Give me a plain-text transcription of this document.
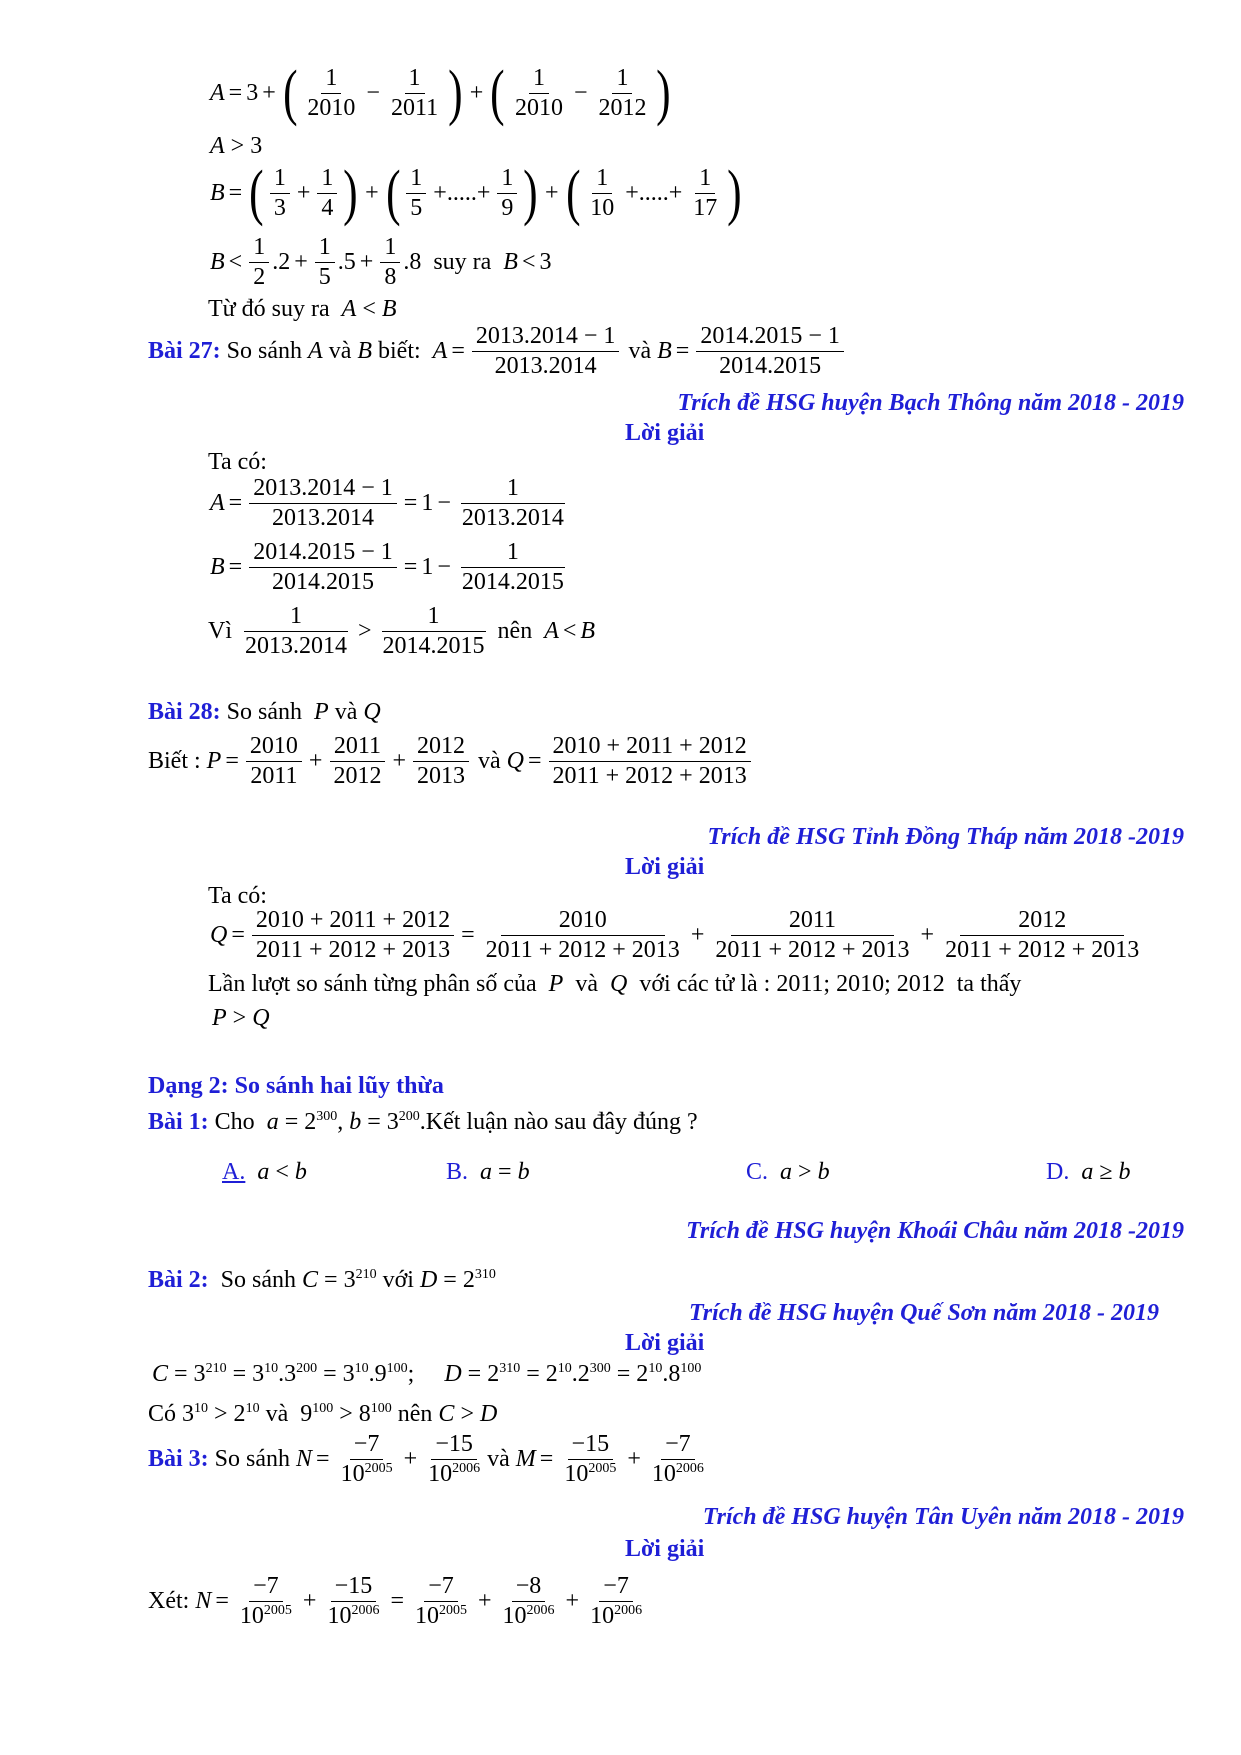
A = 3 +
( 1
2010
− $\frac{1}{2011}$
) +
( 1
2010
− $\frac{1}{2012}$
)
A > 3
B =
( 1
3
+ $\frac{1}{4}$
) +
( 1
5
+.....+ $\frac{1}{9}$
) +
( 1
10
+.....+ $\frac{1}{17}$
)
B <
1
2
$.2 + \frac{1}{5} .5 + \frac{1}{8} .8$ suy ra
B < 3
Từ đó suy ra A < B
Bài 27:
So sánh
A
và
B
biết:
$A = \frac{2013.2014 - 1}{2013.2014}$
và
$B = \frac{2014.2015 - 1}{2014.2015}$
Trích đề HSG huyện Bạch Thông năm 2018 - 2019
Lời giải
Ta có:
$A = \frac{2013.2014 - 1}{2013.2014} = 1 - \frac{1}{2013.2014}$
$B = \frac{2014.2015 - 1}{2014.2015} = 1 - \frac{1}{2014.2015}$
Vì

1
2013.2014
>
1
2014.2015

nên
A < B
Bài 28: So sánh P và Q
Biết :
$P = \frac{2010}{2011} + \frac{2011}{2012} + \frac{2012}{2013}$
và
$Q = \frac{2010 + 2011 + 2012}{2011 + 2012 + 2013}$
Trích đề HSG Tỉnh Đồng Tháp năm 2018 -2019
Lời giải
Ta có:
$Q = \frac{2010 + 2011 + 2012}{2011 + 2012 + 2013} = \frac{2010}{2011 + 2012 + 2013} + \frac{2011}{2011 + 2012 + 2013} + \frac{2012}{2011 + 2012 + 2013}$
Lần lượt so sánh từng phân số của P  và  Q với các tử là : 2011; 2010; 2012 ta thấy
P > Q
Dạng 2: So sánh hai lũy thừa
Bài 1: Cho $a = 2^{300}$, $b = 3^{200}.Kết$ luận nào sau đây đúng ?
A. a < b	B. a = b	C. a > b	D. a ≥ b
Trích đề HSG huyện Khoái Châu năm 2018 -2019
Bài 2: So sánh $C = 3^{210}$ với $D = 2^{310}$
Trích đề HSG huyện Quế Sơn năm 2018 - 2019
Lời giải
$C = 3^{210} = 3^{10}.3^{200} = 3^{10}.9^{100}$;     $D = 2^{310} = 2^{10}.2^{300} = 2^{10}.8^{100}$
Có $3^{10} > 2^{10}$ và  $9^{100} > 8^{100}$ nên C > D
Bài 3:
So sánh
$N = \frac{-7}{10^{2005}} + \frac{-15}{10^{2006}}$ và
$M = \frac{-15}{10^{2005}} + \frac{-7}{10^{2006}}$
Trích đề HSG huyện Tân Uyên năm 2018 - 2019
Lời giải
Xét:
$N = \frac{-7}{10^{2005}} + \frac{-15}{10^{2006}} = \frac{-7}{10^{2005}} + \frac{-8}{10^{2006}} + \frac{-7}{10^{2006}}$
